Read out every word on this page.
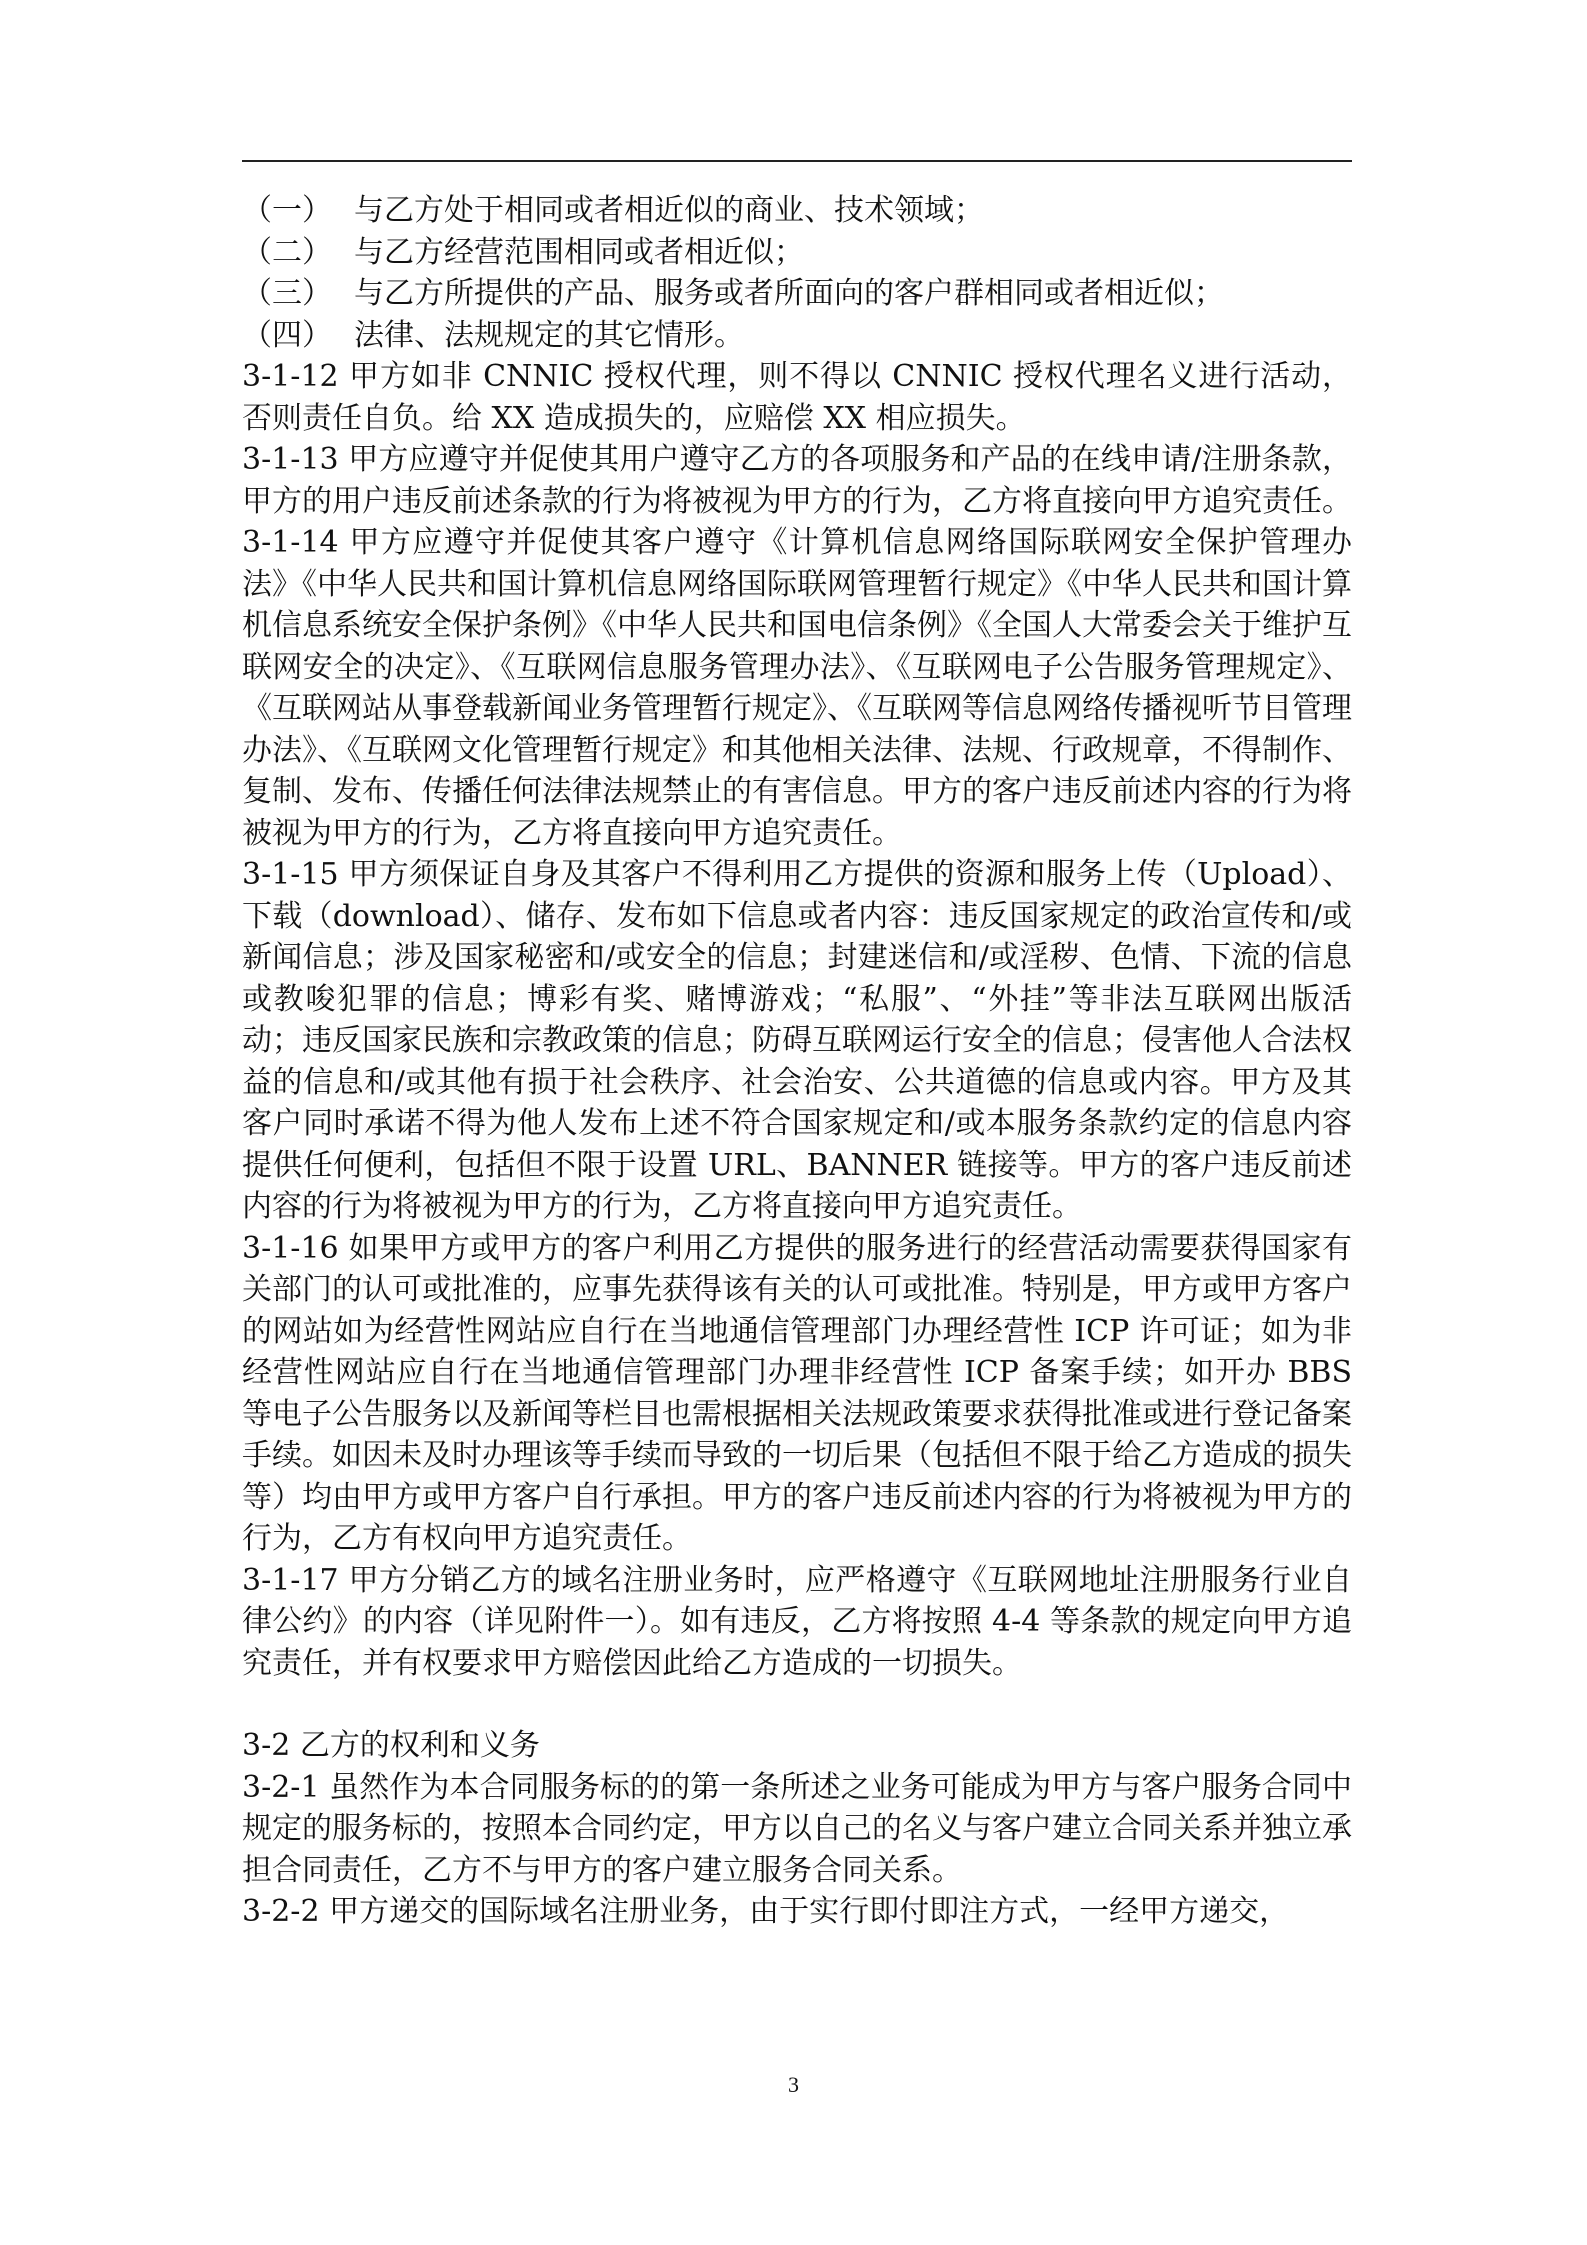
（一） 与乙方处于相同或者相近似的商业、技术领域；

（二） 与乙方经营范围相同或者相近似；

（三） 与乙方所提供的产品、服务或者所面向的客户群相同或者相近似；

（四） 法律、法规规定的其它情形。

3-1-12 甲方如非 CNNIC 授权代理，则不得以 CNNIC 授权代理名义进行活动，否则责任自负。给 XX 造成损失的，应赔偿 XX 相应损失。

3-1-13 甲方应遵守并促使其用户遵守乙方的各项服务和产品的在线申请/注册条款，甲方的用户违反前述条款的行为将被视为甲方的行为，乙方将直接向甲方追究责任。

3-1-14 甲方应遵守并促使其客户遵守《计算机信息网络国际联网安全保护管理办法》《中华人民共和国计算机信息网络国际联网管理暂行规定》《中华人民共和国计算机信息系统安全保护条例》《中华人民共和国电信条例》《全国人大常委会关于维护互联网安全的决定》、《互联网信息服务管理办法》、《互联网电子公告服务管理规定》、《互联网站从事登载新闻业务管理暂行规定》、《互联网等信息网络传播视听节目管理办法》、《互联网文化管理暂行规定》和其他相关法律、法规、行政规章，不得制作、复制、发布、传播任何法律法规禁止的有害信息。甲方的客户违反前述内容的行为将被视为甲方的行为，乙方将直接向甲方追究责任。

3-1-15 甲方须保证自身及其客户不得利用乙方提供的资源和服务上传（Upload）、下载（download）、储存、发布如下信息或者内容：违反国家规定的政治宣传和/或新闻信息；涉及国家秘密和/或安全的信息；封建迷信和/或淫秽、色情、下流的信息或教唆犯罪的信息；博彩有奖、赌博游戏；“私服”、“外挂”等非法互联网出版活动；违反国家民族和宗教政策的信息；防碍互联网运行安全的信息；侵害他人合法权益的信息和/或其他有损于社会秩序、社会治安、公共道德的信息或内容。甲方及其客户同时承诺不得为他人发布上述不符合国家规定和/或本服务条款约定的信息内容提供任何便利，包括但不限于设置 URL、BANNER 链接等。甲方的客户违反前述内容的行为将被视为甲方的行为，乙方将直接向甲方追究责任。

3-1-16 如果甲方或甲方的客户利用乙方提供的服务进行的经营活动需要获得国家有关部门的认可或批准的，应事先获得该有关的认可或批准。特别是，甲方或甲方客户的网站如为经营性网站应自行在当地通信管理部门办理经营性 ICP 许可证；如为非经营性网站应自行在当地通信管理部门办理非经营性 ICP 备案手续；如开办 BBS 等电子公告服务以及新闻等栏目也需根据相关法规政策要求获得批准或进行登记备案手续。如因未及时办理该等手续而导致的一切后果（包括但不限于给乙方造成的损失等）均由甲方或甲方客户自行承担。甲方的客户违反前述内容的行为将被视为甲方的行为，乙方有权向甲方追究责任。

3-1-17 甲方分销乙方的域名注册业务时，应严格遵守《互联网地址注册服务行业自律公约》的内容（详见附件一）。如有违反，乙方将按照 4-4 等条款的规定向甲方追究责任，并有权要求甲方赔偿因此给乙方造成的一切损失。

3-2 乙方的权利和义务

3-2-1 虽然作为本合同服务标的的第一条所述之业务可能成为甲方与客户服务合同中规定的服务标的，按照本合同约定，甲方以自己的名义与客户建立合同关系并独立承担合同责任，乙方不与甲方的客户建立服务合同关系。

3-2-2 甲方递交的国际域名注册业务，由于实行即付即注方式，一经甲方递交，

3
